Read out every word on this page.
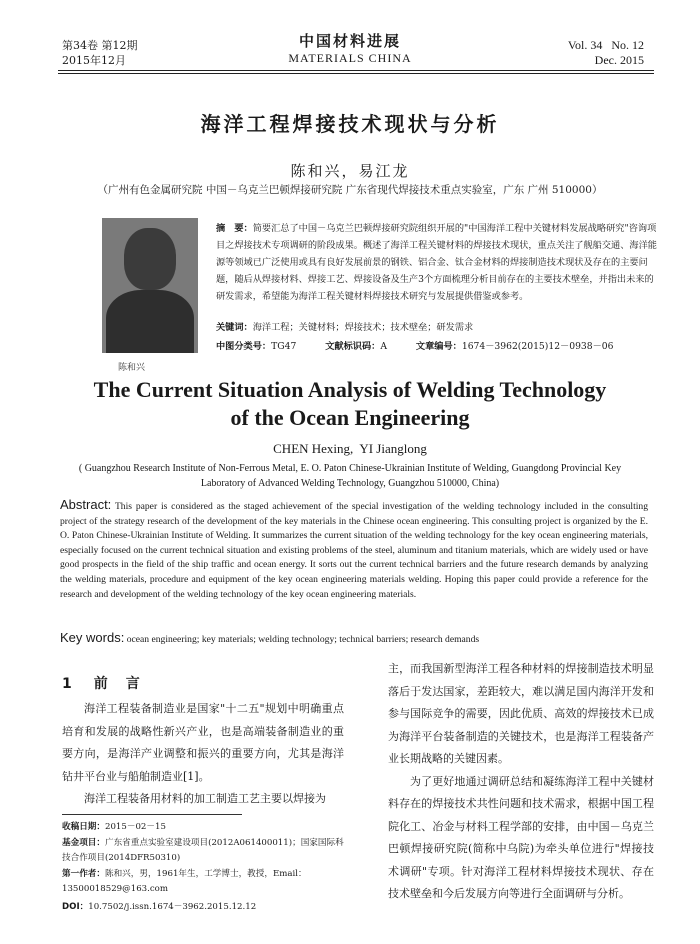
第34卷 第12期
2015年12月
中国材料进展
MATERIALS CHINA
Vol. 34   No. 12
Dec. 2015
海洋工程焊接技术现状与分析
陈和兴，易江龙
（广州有色金属研究院 中国－乌克兰巴顿焊接研究院 广东省现代焊接技术重点实验室，广东 广州 510000）
陈和兴
摘　要：简要汇总了中国－乌克兰巴顿焊接研究院组织开展的"中国海洋工程中关键材料发展战略研究"咨询项目之焊接技术专项调研的阶段成果。概述了海洋工程关键材料的焊接技术现状，重点关注了舰船交通、海洋能源等领域已广泛使用或具有良好发展前景的钢铁、铝合金、钛合金材料的焊接制造技术现状及存在的主要问题，随后从焊接材料、焊接工艺、焊接设备及生产3个方面梳理分析目前存在的主要技术壁垒，并指出未来的研发需求，希望能为海洋工程关键材料焊接技术研究与发展提供借鉴或参考。
关键词：海洋工程；关键材料；焊接技术；技术壁垒；研发需求
中图分类号：TG47	文献标识码：A	文章编号：1674－3962(2015)12－0938－06
The Current Situation Analysis of Welding Technology
of the Ocean Engineering
CHEN Hexing,  YI Jianglong
( Guangzhou Research Institute of Non-Ferrous Metal, E. O. Paton Chinese-Ukrainian Institute of Welding, Guangdong Provincial Key Laboratory of Advanced Welding Technology, Guangzhou 510000, China)
Abstract: This paper is considered as the staged achievement of the special investigation of the welding technology included in the consulting project of the strategy research of the development of the key materials in the Chinese ocean engineering. This consulting project is organized by the E. O. Paton Chinese-Ukrainian Institute of Welding. It summarizes the current situation of the welding technology for the key ocean engineering materials, especially focused on the current technical situation and existing problems of the steel, aluminum and titanium materials, which are widely used or have good prospects in the field of the ship traffic and ocean energy. It sorts out the current technical barriers and the future research demands by analyzing the welding materials, procedure and equipment of the key ocean engineering materials welding. Hoping this paper could provide a reference for the research and development of the welding technology of the key ocean engineering materials.
Key words: ocean engineering; key materials; welding technology; technical barriers; research demands
1 前言

海洋工程装备制造业是国家"十二五"规划中明确重点培育和发展的战略性新兴产业，也是高端装备制造业的重要方向，是海洋产业调整和振兴的重要方向，尤其是海洋钻井平台业与船舶制造业[1]。

海洋工程装备用材料的加工制造工艺主要以焊接为

主，而我国新型海洋工程各种材料的焊接制造技术明显落后于发达国家，差距较大，难以满足国内海洋开发和参与国际竞争的需要，因此优质、高效的焊接技术已成为海洋平台装备制造的关键技术，也是海洋工程装备产业长期战略的关键因素。

为了更好地通过调研总结和凝练海洋工程中关键材料存在的焊接技术共性问题和技术需求，根据中国工程院化工、冶金与材料工程学部的安排，由中国－乌克兰巴顿焊接研究院(简称中乌院)为牵头单位进行"焊接技术调研"专项。针对海洋工程材料焊接技术现状、存在技术壁垒和今后发展方向等进行全面调研与分析。

收稿日期：2015－02－15
基金项目：广东省重点实验室建设项目(2012A061400011)；国家国际科技合作项目(2014DFR50310)
第一作者：陈和兴，男，1961年生，工学博士，教授，Email：13500018529@163.com
DOI：10.7502/j.issn.1674－3962.2015.12.12
